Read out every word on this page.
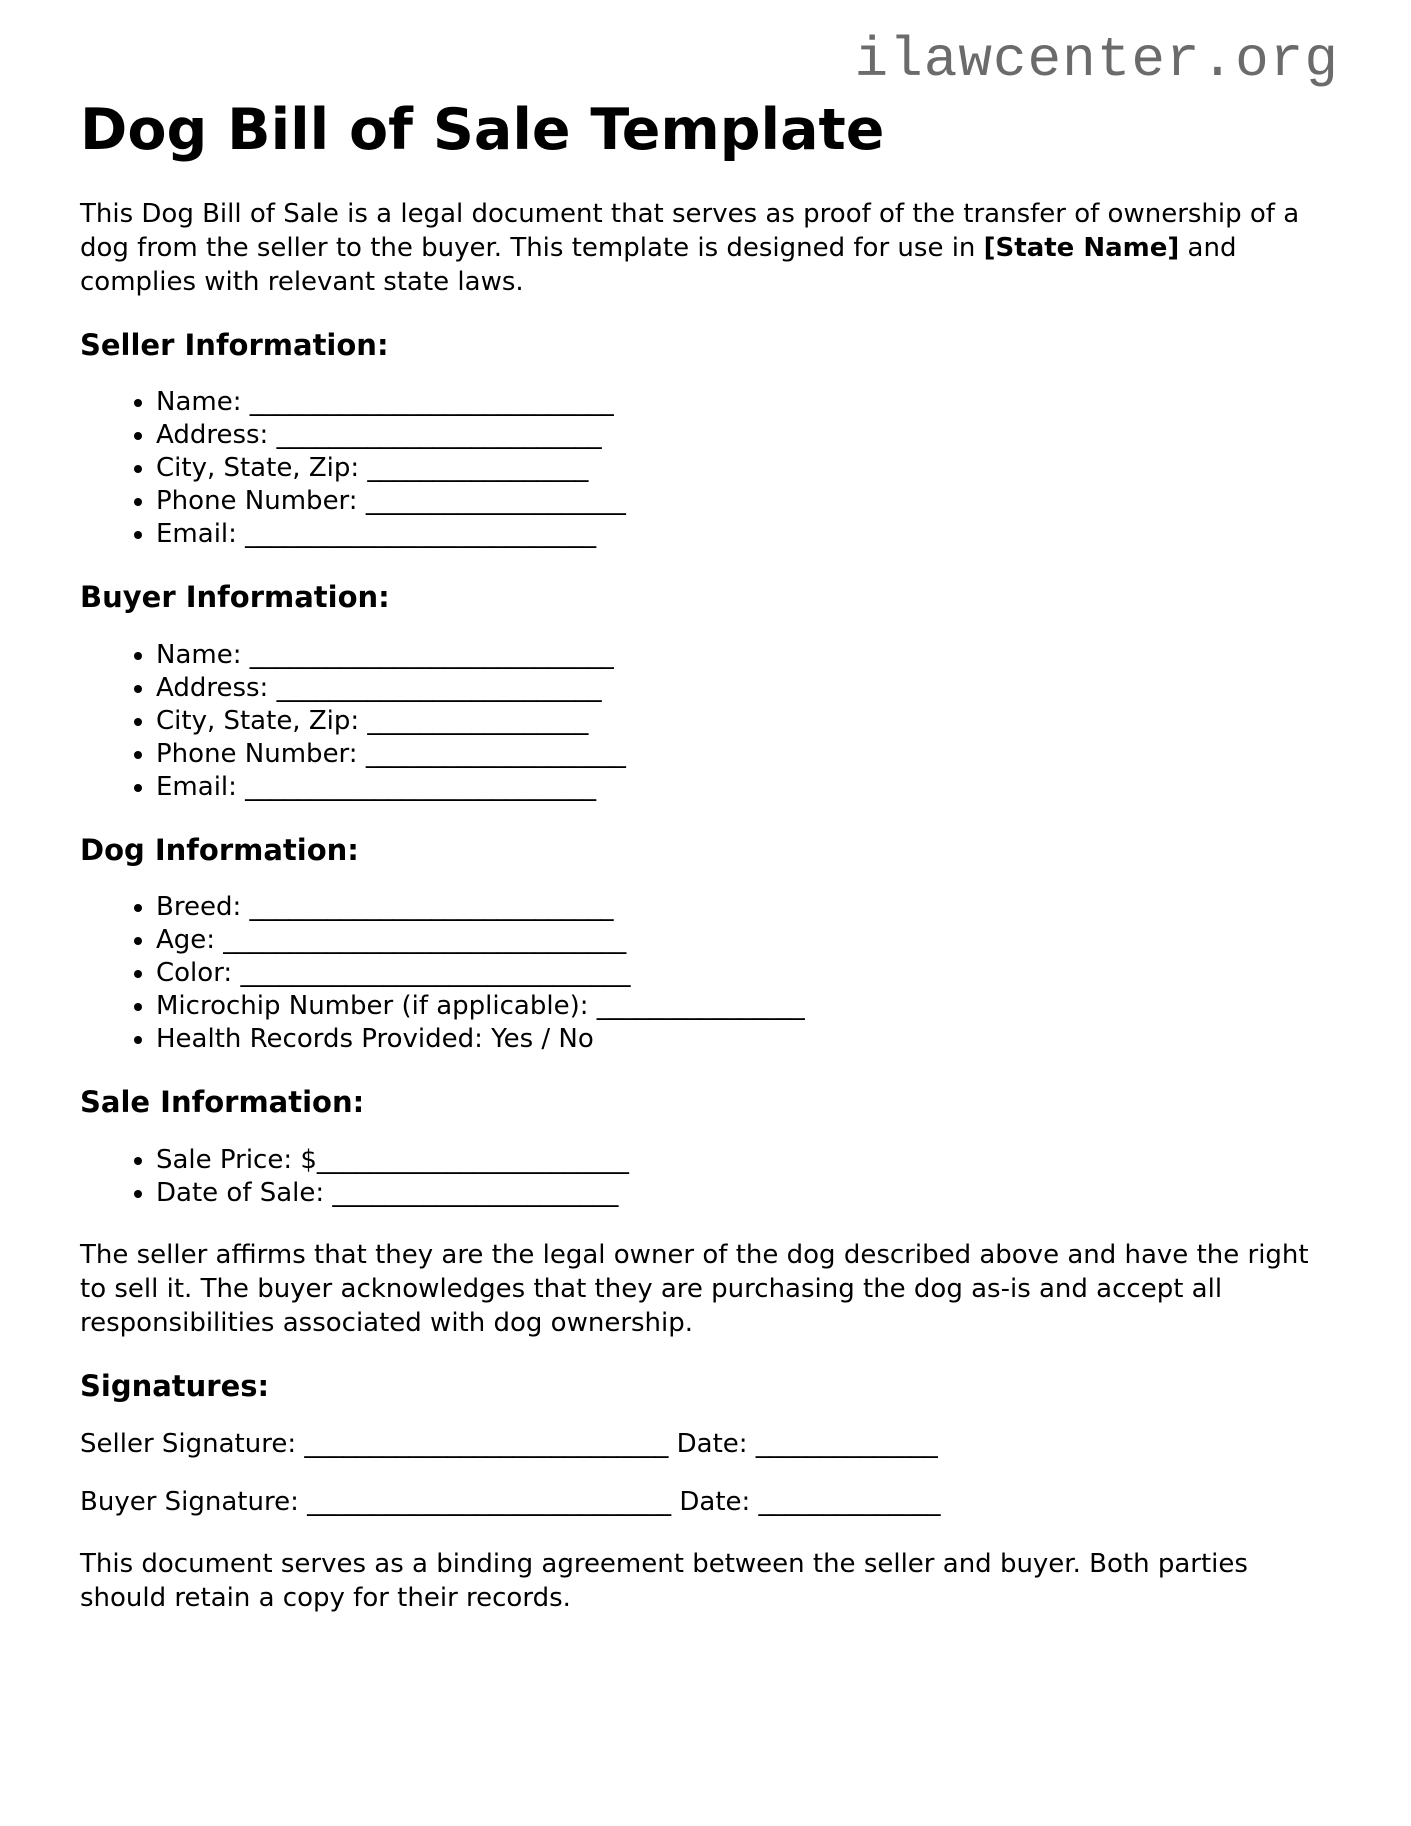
ilawcenter.org
Dog Bill of Sale Template

This Dog Bill of Sale is a legal document that serves as proof of the transfer of ownership of a dog from the seller to the buyer. This template is designed for use in [State Name] and complies with relevant state laws.

Seller Information:
• Name: ____________________________
• Address: _________________________
• City, State, Zip: _________________
• Phone Number: ____________________
• Email: ___________________________
Buyer Information:
• Name: ____________________________
• Address: _________________________
• City, State, Zip: _________________
• Phone Number: ____________________
• Email: ___________________________
Dog Information:
• Breed: ____________________________
• Age: _______________________________
• Color: ______________________________
• Microchip Number (if applicable): ________________
• Health Records Provided: Yes / No
Sale Information:
• Sale Price: $________________________
• Date of Sale: ______________________

The seller affirms that they are the legal owner of the dog described above and have the right to sell it. The buyer acknowledges that they are purchasing the dog as-is and accept all responsibilities associated with dog ownership.

Signatures:

Seller Signature: ____________________________ Date: ______________

Buyer Signature: ____________________________ Date: ______________

This document serves as a binding agreement between the seller and buyer. Both parties should retain a copy for their records.
